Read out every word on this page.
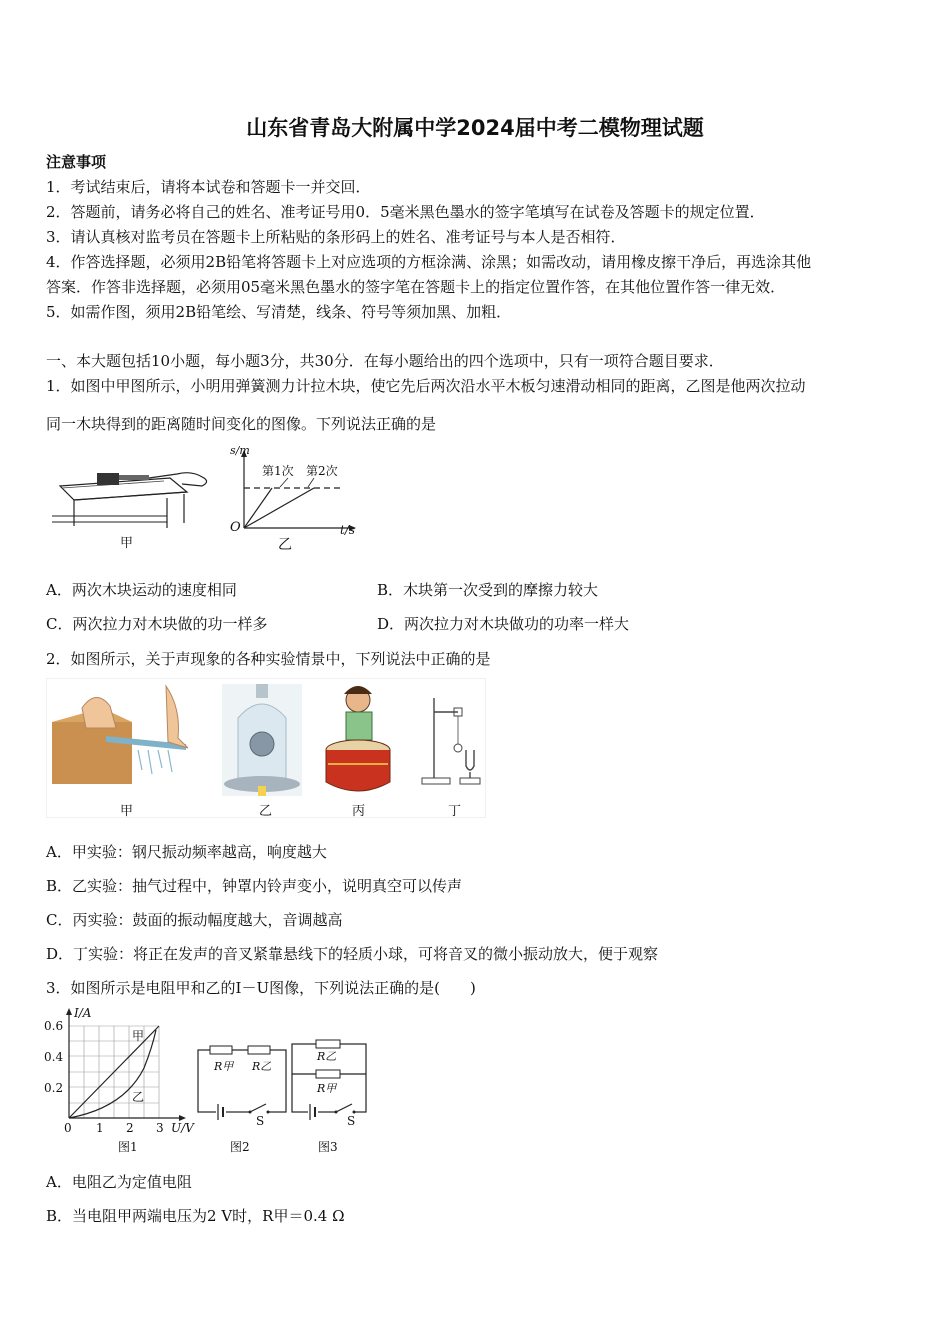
山东省青岛大附属中学2024届中考二模物理试题
注意事项
1．考试结束后，请将本试卷和答题卡一并交回．
2．答题前，请务必将自己的姓名、准考证号用0．5毫米黑色墨水的签字笔填写在试卷及答题卡的规定位置．
3．请认真核对监考员在答题卡上所粘贴的条形码上的姓名、准考证号与本人是否相符．
4．作答选择题，必须用2B铅笔将答题卡上对应选项的方框涂满、涂黑；如需改动，请用橡皮擦干净后，再选涂其他
答案．作答非选择题，必须用05毫米黑色墨水的签字笔在答题卡上的指定位置作答，在其他位置作答一律无效．
5．如需作图，须用2B铅笔绘、写清楚，线条、符号等须加黑、加粗．
一、本大题包括10小题，每小题3分，共30分．在每小题给出的四个选项中，只有一项符合题目要求．
1．如图中甲图所示，小明用弹簧测力计拉木块，使它先后两次沿水平木板匀速滑动相同的距离，乙图是他两次拉动
同一木块得到的距离随时间变化的图像。下列说法正确的是
甲
s/m
O	t/s
第1次 第2次
乙
A．两次木块运动的速度相同	B．木块第一次受到的摩擦力较大
C．两次拉力对木块做的功一样多	D．两次拉力对木块做功的功率一样大
2．如图所示，关于声现象的各种实验情景中，下列说法中正确的是
甲	乙	丙	丁
A．甲实验：钢尺振动频率越高，响度越大
B．乙实验：抽气过程中，钟罩内铃声变小，说明真空可以传声
C．丙实验：鼓面的振动幅度越大，音调越高
D．丁实验：将正在发声的音叉紧靠悬线下的轻质小球，可将音叉的微小振动放大，便于观察
3．如图所示是电阻甲和乙的I－U图像，下列说法正确的是(　　)
I/A
0.6
0.4
0.2
0 1 2 3 U/V
甲
乙
图1
R甲 R乙
S
图2
R乙
R甲
S
图3
A．电阻乙为定值电阻
B．当电阻甲两端电压为2 V时，R甲＝0.4 Ω
